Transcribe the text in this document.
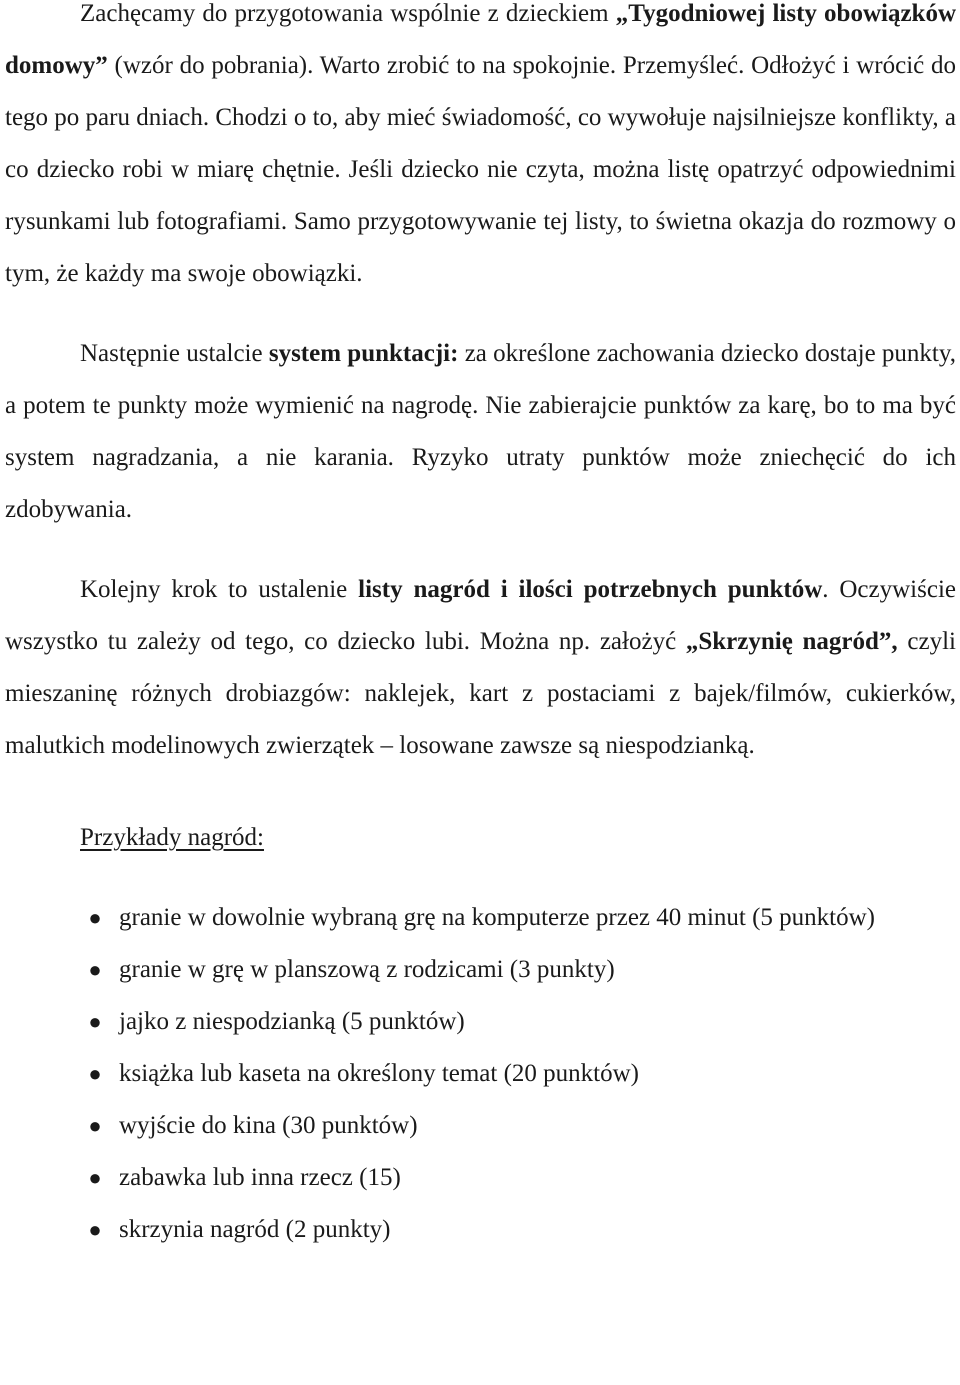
Zachęcamy do przygotowania wspólnie z dzieckiem „Tygodniowej listy obowiązków domowy” (wzór do pobrania). Warto zrobić to na spokojnie. Przemyśleć. Odłożyć i wrócić do tego po paru dniach. Chodzi o to, aby mieć świadomość, co wywołuje najsilniejsze konflikty, a co dziecko robi w miarę chętnie. Jeśli dziecko nie czyta, można listę opatrzyć odpowiednimi rysunkami lub fotografiami. Samo przygotowywanie tej listy, to świetna okazja do rozmowy o tym, że każdy ma swoje obowiązki.

Następnie ustalcie system punktacji: za określone zachowania dziecko dostaje punkty, a potem te punkty może wymienić na nagrodę. Nie zabierajcie punktów za karę, bo to ma być system nagradzania, a nie karania. Ryzyko utraty punktów może zniechęcić do ich zdobywania.

Kolejny krok to ustalenie listy nagród i ilości potrzebnych punktów. Oczywiście wszystko tu zależy od tego, co dziecko lubi. Można np. założyć „Skrzynię nagród”, czyli mieszaninę różnych drobiazgów: naklejek, kart z postaciami z bajek/filmów, cukierków, malutkich modelinowych zwierzątek – losowane zawsze są niespodzianką.

Przykłady nagród:
● granie w dowolnie wybraną grę na komputerze przez 40 minut (5 punktów)
● granie w grę w planszową z rodzicami (3 punkty)
● jajko z niespodzianką (5 punktów)
● książka lub kaseta na określony temat (20 punktów)
● wyjście do kina (30 punktów)
● zabawka lub inna rzecz (15)
● skrzynia nagród (2 punkty)
